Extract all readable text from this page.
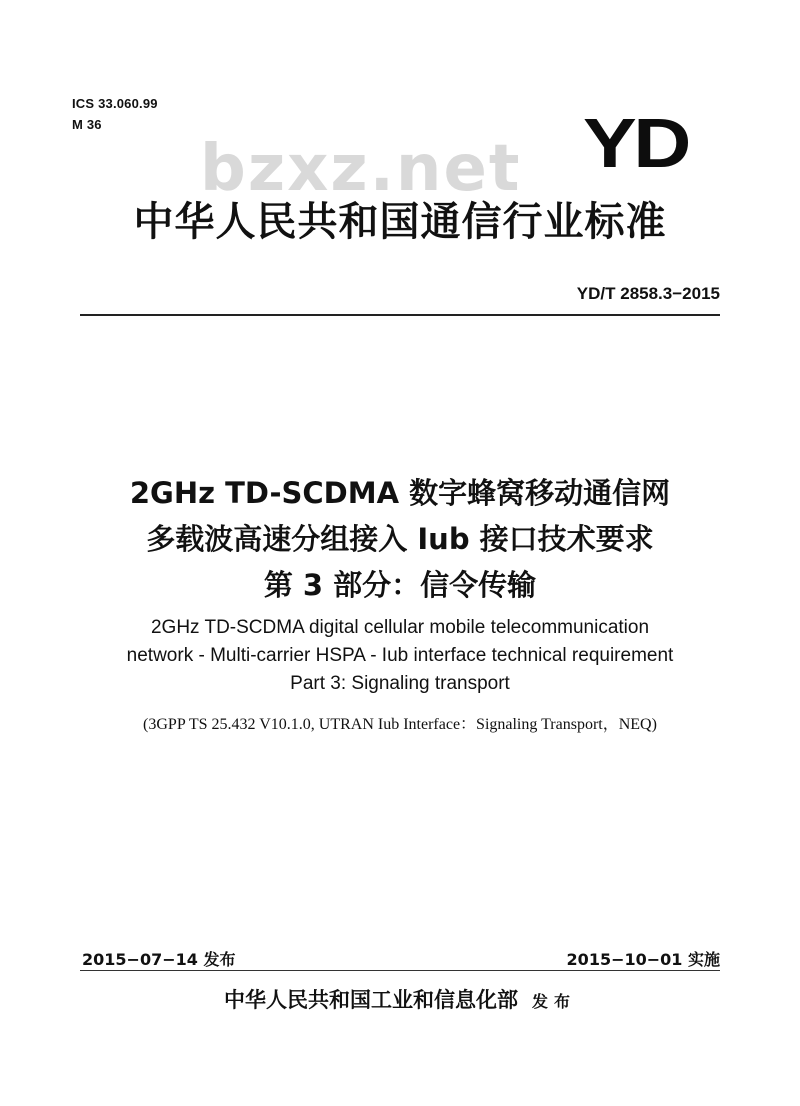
ICS 33.060.99
M 36
bzxz.net YD
中华人民共和国通信行业标准
YD/T 2858.3−2015
2GHz TD-SCDMA 数字蜂窝移动通信网
多载波高速分组接入 Iub 接口技术要求
第 3 部分：信令传输
2GHz TD-SCDMA digital cellular mobile telecommunication
network - Multi-carrier HSPA - Iub interface technical requirement
Part 3: Signaling transport
(3GPP TS 25.432 V10.1.0, UTRAN Iub Interface：Signaling Transport，NEQ)
2015−07−14 发布	2015−10−01 实施
中华人民共和国工业和信息化部 发布
